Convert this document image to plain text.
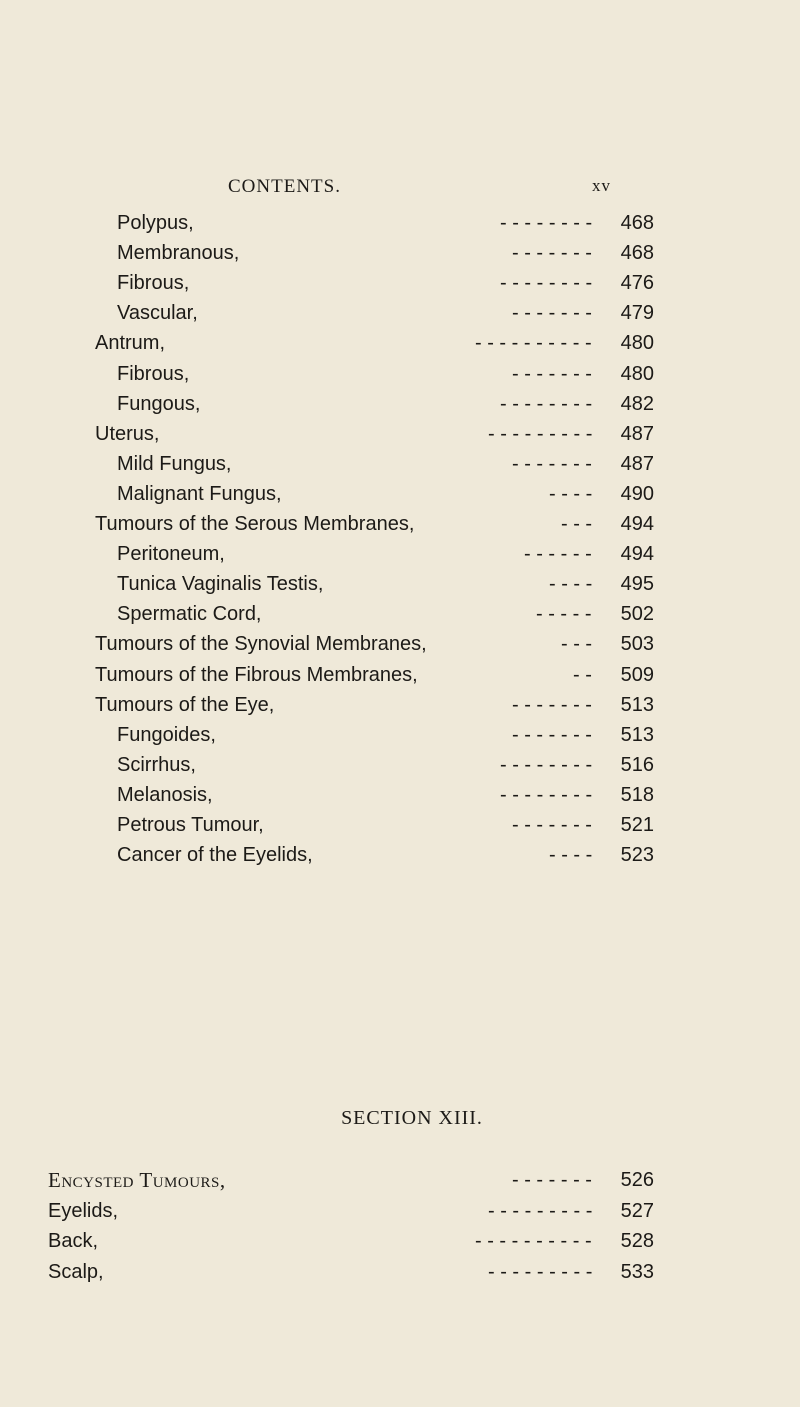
CONTENTS.	xv
Polypus,	- - - - - - - -	468
Membranous,	- - - - - - -	468
Fibrous,	- - - - - - - -	476
Vascular,	- - - - - - -	479
Antrum,	- - - - - - - - - -	480
Fibrous,	- - - - - - -	480
Fungous,	- - - - - - - -	482
Uterus,	- - - - - - - - -	487
Mild Fungus,	- - - - - - -	487
Malignant Fungus,	- - - -	490
Tumours of the Serous Membranes,	- - -	494
Peritoneum,	- - - - - -	494
Tunica Vaginalis Testis,	- - - -	495
Spermatic Cord,	- - - - -	502
Tumours of the Synovial Membranes,	- - -	503
Tumours of the Fibrous Membranes,	- -	509
Tumours of the Eye,	- - - - - - -	513
Fungoides,	- - - - - - -	513
Scirrhus,	- - - - - - - -	516
Melanosis,	- - - - - - - -	518
Petrous Tumour,	- - - - - - -	521
Cancer of the Eyelids,	- - - -	523
Encysted Tumours,	- - - - - - -	526
Eyelids,	- - - - - - - - -	527
Back,	- - - - - - - - - -	528
Scalp,	- - - - - - - - -	533
SECTION XIII.
